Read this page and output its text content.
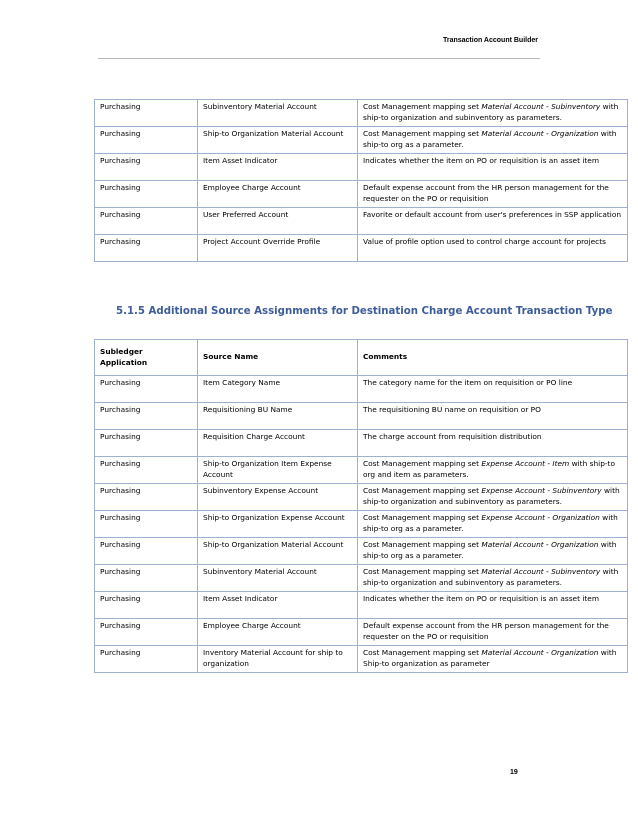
Transaction Account Builder
Purchasing	Subinventory Material Account	Cost Management mapping set Material Account - Subinventory with ship-to organization and subinventory as parameters.
Purchasing	Ship-to Organization Material Account	Cost Management mapping set Material Account - Organization with ship-to org as a parameter.
Purchasing	Item Asset Indicator	Indicates whether the item on PO or requisition is an asset item
Purchasing	Employee Charge Account	Default expense account from the HR person management for the requester on the PO or requisition
Purchasing	User Preferred Account	Favorite or default account from user's preferences in SSP application
Purchasing	Project Account Override Profile	Value of profile option used to control charge account for projects
5.1.5 Additional Source Assignments for Destination Charge Account Transaction Type
Subledger Application	Source Name	Comments
Purchasing	Item Category Name	The category name for the item on requisition or PO line
Purchasing	Requisitioning BU Name	The requisitioning BU name on requisition or PO
Purchasing	Requisition Charge Account	The charge account from requisition distribution
Purchasing	Ship-to Organization Item Expense Account	Cost Management mapping set Expense Account - Item with ship-to org and item as parameters.
Purchasing	Subinventory Expense Account	Cost Management mapping set Expense Account - Subinventory with ship-to organization and subinventory as parameters.
Purchasing	Ship-to Organization Expense Account	Cost Management mapping set Expense Account - Organization with ship-to org as a parameter.
Purchasing	Ship-to Organization Material Account	Cost Management mapping set Material Account - Organization with ship-to org as a parameter.
Purchasing	Subinventory Material Account	Cost Management mapping set Material Account - Subinventory with ship-to organization and subinventory as parameters.
Purchasing	Item Asset Indicator	Indicates whether the item on PO or requisition is an asset item
Purchasing	Employee Charge Account	Default expense account from the HR person management for the requester on the PO or requisition
Purchasing	Inventory Material Account for ship to organization	Cost Management mapping set Material Account - Organization with Ship-to organization as parameter
19
